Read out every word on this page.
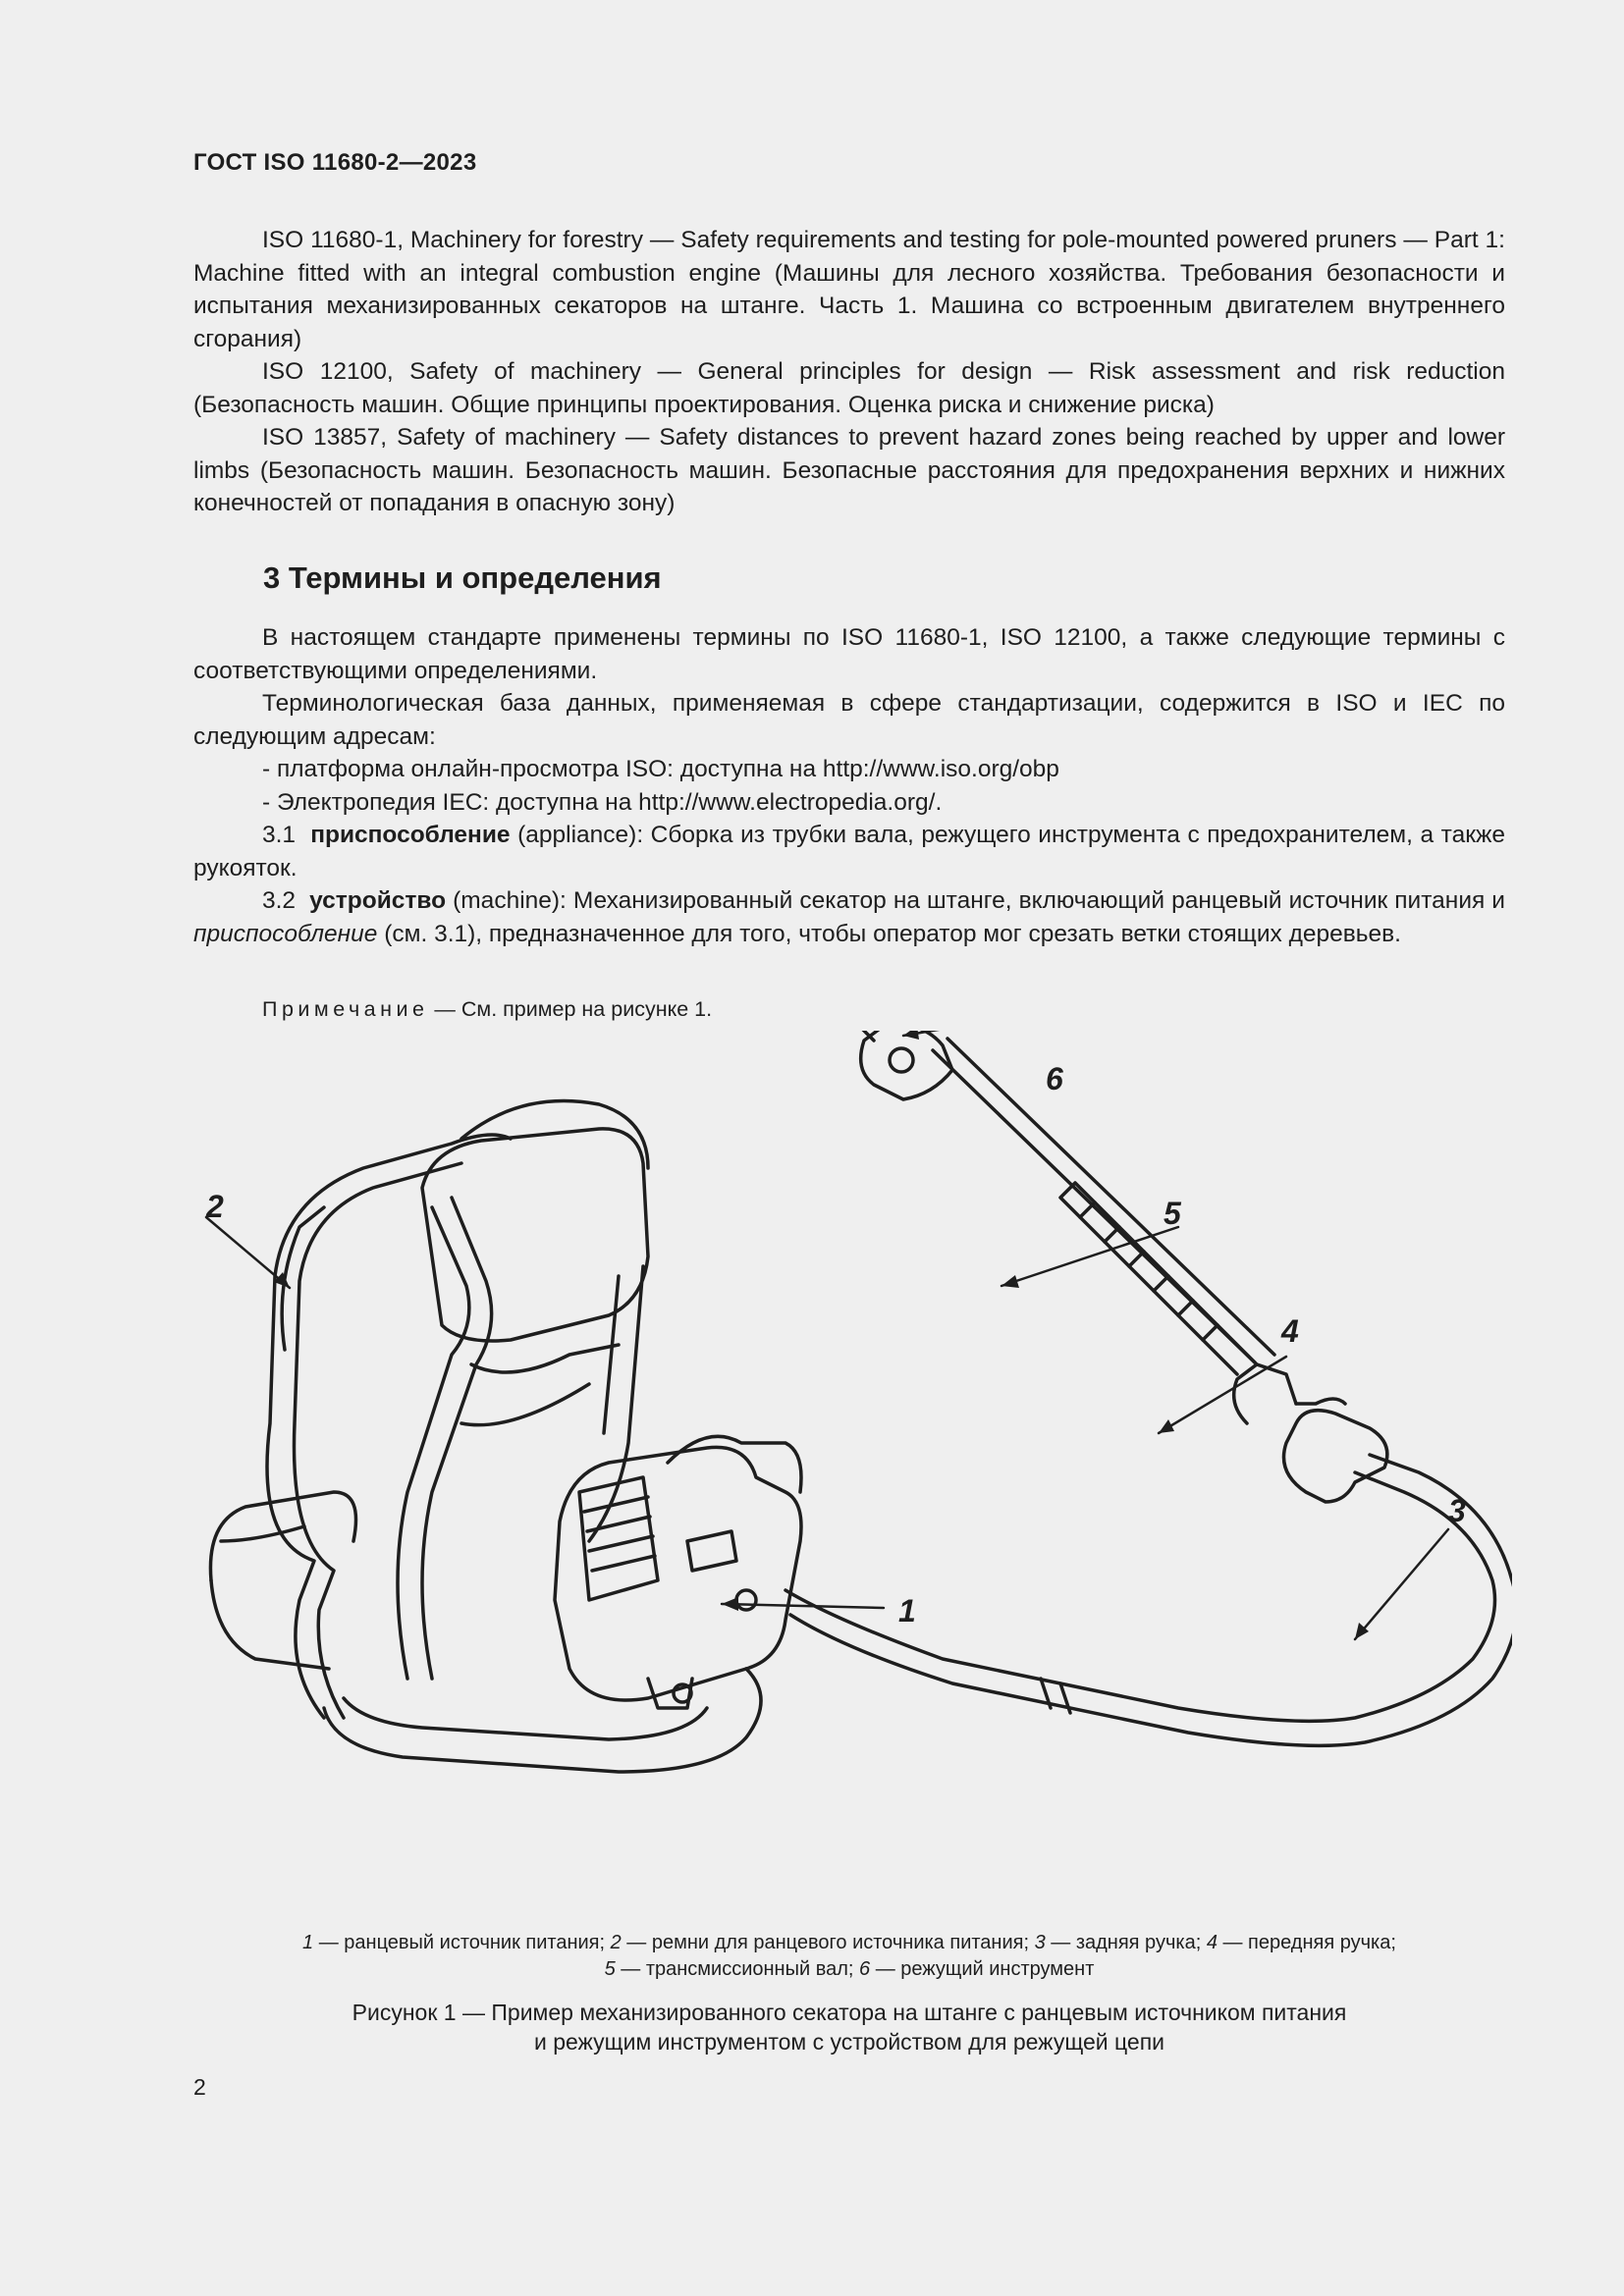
ГОСТ ISO 11680-2—2023

ISO 11680-1, Machinery for forestry — Safety requirements and testing for pole-mounted powered pruners — Part 1: Machine fitted with an integral combustion engine (Машины для лесного хозяйства. Требования безопасности и испытания механизированных секаторов на штанге. Часть 1. Машина со встроенным двигателем внутреннего сгорания)

ISO 12100, Safety of machinery — General principles for design — Risk assessment and risk reduction (Безопасность машин. Общие принципы проектирования. Оценка риска и снижение риска)

ISO 13857, Safety of machinery — Safety distances to prevent hazard zones being reached by upper and lower limbs (Безопасность машин. Безопасность машин. Безопасные расстояния для предохранения верхних и нижних конечностей от попадания в опасную зону)

3 Термины и определения

В настоящем стандарте применены термины по ISO 11680-1, ISO 12100, а также следующие термины с соответствующими определениями.

Терминологическая база данных, применяемая в сфере стандартизации, содержится в ISO и IEC по следующим адресам:

- платформа онлайн-просмотра ISO: доступна на http://www.iso.org/obp

- Электропедия IEC: доступна на http://www.electropedia.org/.

3.1 приспособление (appliance): Сборка из трубки вала, режущего инструмента с предохранителем, а также рукояток.

3.2 устройство (machine): Механизированный секатор на штанге, включающий ранцевый источник питания и приспособление (см. 3.1), предназначенное для того, чтобы оператор мог срезать ветки стоящих деревьев.

Примечание — См. пример на рисунке 1.
1
2
3
4
5
6
1 — ранцевый источник питания; 2 — ремни для ранцевого источника питания; 3 — задняя ручка; 4 — передняя ручка;
5 — трансмиссионный вал; 6 — режущий инструмент
Рисунок 1 — Пример механизированного секатора на штанге с ранцевым источником питания
и режущим инструментом с устройством для режущей цепи
2
